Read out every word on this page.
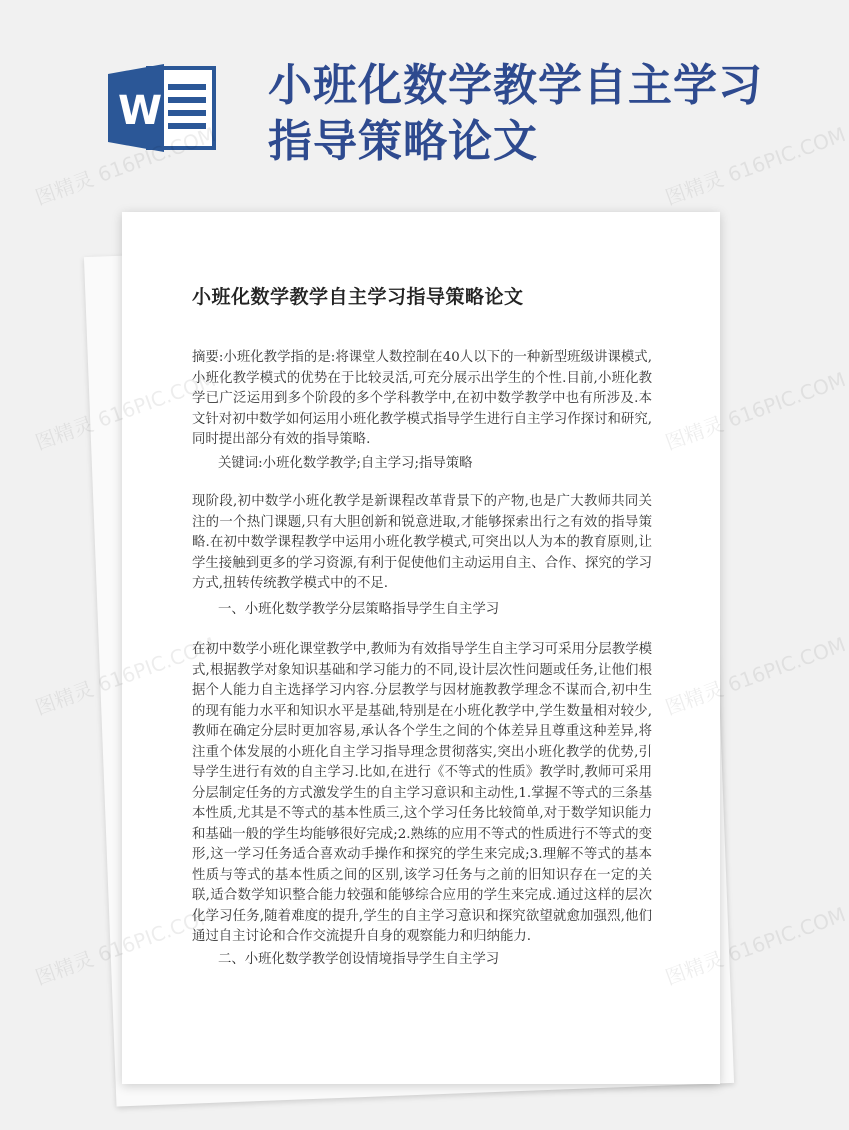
W 小班化数学教学自主学习指导策略论文
小班化数学教学自主学习指导策略论文
摘要:小班化教学指的是:将课堂人数控制在40人以下的一种新型班级讲课模式,小班化教学模式的优势在于比较灵活,可充分展示出学生的个性.目前,小班化教学已广泛运用到多个阶段的多个学科教学中,在初中数学教学中也有所涉及.本文针对初中数学如何运用小班化教学模式指导学生进行自主学习作探讨和研究,同时提出部分有效的指导策略.
关键词:小班化数学教学;自主学习;指导策略
现阶段,初中数学小班化教学是新课程改革背景下的产物,也是广大教师共同关注的一个热门课题,只有大胆创新和锐意进取,才能够探索出行之有效的指导策略.在初中数学课程教学中运用小班化教学模式,可突出以人为本的教育原则,让学生接触到更多的学习资源,有利于促使他们主动运用自主、合作、探究的学习方式,扭转传统教学模式中的不足.
一、小班化数学教学分层策略指导学生自主学习
在初中数学小班化课堂教学中,教师为有效指导学生自主学习可采用分层教学模式,根据教学对象知识基础和学习能力的不同,设计层次性问题或任务,让他们根据个人能力自主选择学习内容.分层教学与因材施教教学理念不谋而合,初中生的现有能力水平和知识水平是基础,特别是在小班化教学中,学生数量相对较少,教师在确定分层时更加容易,承认各个学生之间的个体差异且尊重这种差异,将注重个体发展的小班化自主学习指导理念贯彻落实,突出小班化教学的优势,引导学生进行有效的自主学习.比如,在进行《不等式的性质》教学时,教师可采用分层制定任务的方式激发学生的自主学习意识和主动性,1.掌握不等式的三条基本性质,尤其是不等式的基本性质三,这个学习任务比较简单,对于数学知识能力和基础一般的学生均能够很好完成;2.熟练的应用不等式的性质进行不等式的变形,这一学习任务适合喜欢动手操作和探究的学生来完成;3.理解不等式的基本性质与等式的基本性质之间的区别,该学习任务与之前的旧知识存在一定的关联,适合数学知识整合能力较强和能够综合应用的学生来完成.通过这样的层次化学习任务,随着难度的提升,学生的自主学习意识和探究欲望就愈加强烈,他们通过自主讨论和合作交流提升自身的观察能力和归纳能力.
二、小班化数学教学创设情境指导学生自主学习
图精灵 616PIC.COM	图精灵 616PIC.COM
图精灵	图精灵 616PIC.COM
图精灵	图精灵 616PIC.COM
图精灵	图精灵 616PIC.COM
